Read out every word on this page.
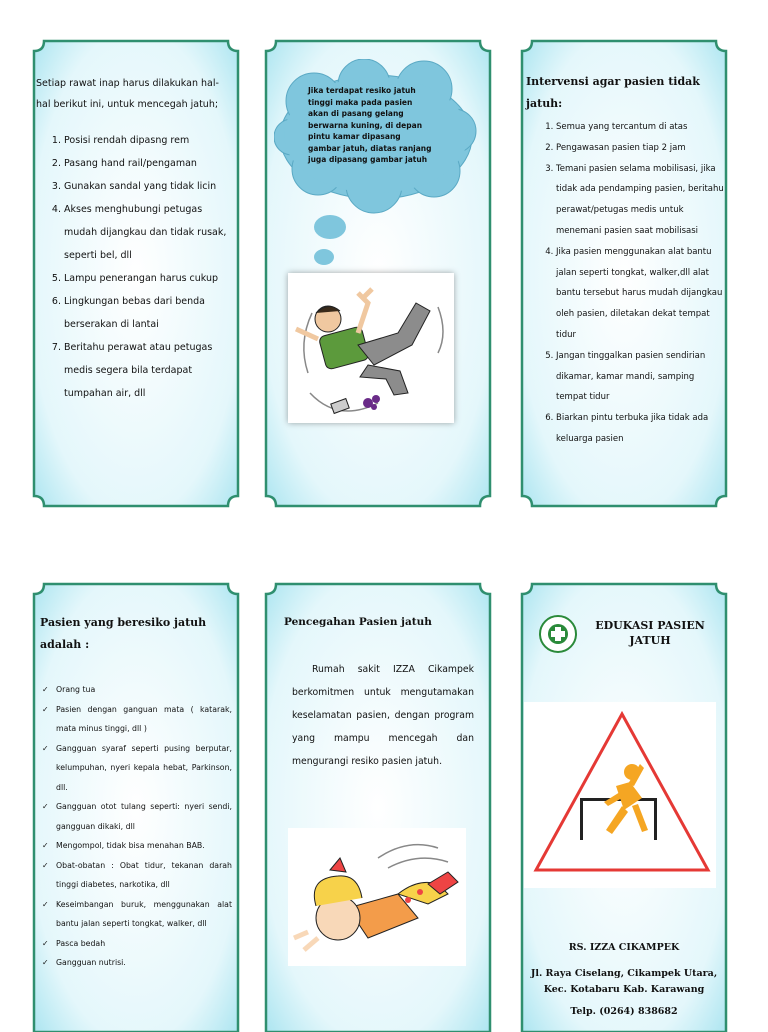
Setiap rawat inap harus dilakukan hal-hal berikut ini, untuk mencegah jatuh;
1. Posisi rendah dipasng rem
2. Pasang hand rail/pengaman
3. Gunakan sandal yang tidak licin
4. Akses menghubungi petugas mudah dijangkau dan tidak rusak, seperti bel, dll
5. Lampu penerangan harus cukup
6. Lingkungan bebas dari benda berserakan di lantai
7. Beritahu perawat atau petugas medis segera bila terdapat tumpahan air, dll
Jika terdapat resiko jatuh tinggi maka pada pasien akan di pasang gelang berwarna kuning, di depan pintu kamar dipasang gambar jatuh, diatas ranjang juga dipasang gambar jatuh
Intervensi agar pasien tidak jatuh:
1. Semua yang tercantum di atas
2. Pengawasan pasien tiap 2 jam
3. Temani pasien selama mobilisasi, jika tidak ada pendamping pasien, beritahu perawat/petugas medis untuk menemani pasien saat mobilisasi
4. Jika pasien menggunakan alat bantu jalan seperti tongkat, walker,dll alat bantu tersebut harus mudah dijangkau oleh pasien, diletakan dekat tempat tidur
5. Jangan tinggalkan pasien sendirian dikamar, kamar mandi, samping tempat tidur
6. Biarkan pintu terbuka jika tidak ada keluarga pasien
Pasien yang beresiko jatuh adalah :
✓ Orang tua
✓ Pasien dengan ganguan mata ( katarak, mata minus tinggi, dll )
✓ Gangguan syaraf seperti pusing berputar, kelumpuhan, nyeri kepala hebat, Parkinson, dll.
✓ Gangguan otot tulang seperti: nyeri sendi, gangguan dikaki, dll
✓ Mengompol, tidak bisa menahan BAB.
✓ Obat-obatan : Obat tidur, tekanan darah tinggi diabetes, narkotika, dll
✓ Keseimbangan buruk, menggunakan alat bantu jalan seperti tongkat, walker, dll
✓ Pasca bedah
✓ Gangguan nutrisi.
Pencegahan Pasien jatuh
Rumah sakit IZZA Cikampek berkomitmen untuk mengutamakan keselamatan pasien, dengan program yang mampu mencegah dan mengurangi resiko pasien jatuh.
EDUKASI PASIEN JATUH
RS. IZZA CIKAMPEK
Jl. Raya Ciselang, Cikampek Utara, Kec. Kotabaru Kab. Karawang
Telp. (0264) 838682
